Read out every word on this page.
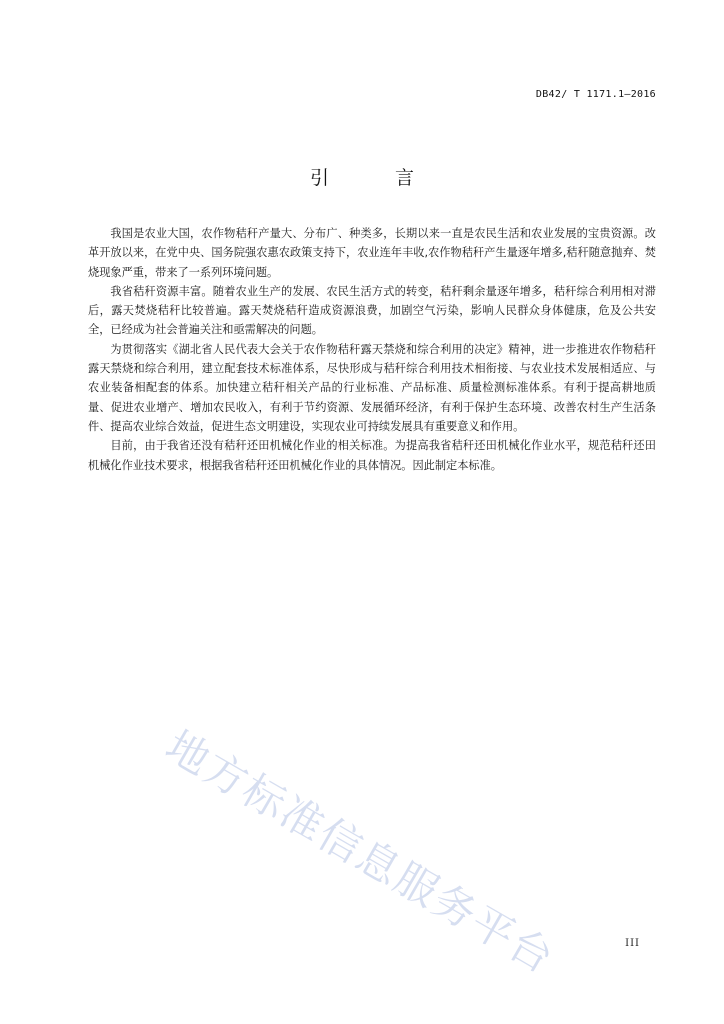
DB42/ T 1171.1—2016
引 言

我国是农业大国，农作物秸秆产量大、分布广、种类多，长期以来一直是农民生活和农业发展的宝贵资源。改革开放以来，在党中央、国务院强农惠农政策支持下，农业连年丰收,农作物秸秆产生量逐年增多,秸秆随意抛弃、焚烧现象严重，带来了一系列环境问题。

我省秸秆资源丰富。随着农业生产的发展、农民生活方式的转变，秸秆剩余量逐年增多，秸秆综合利用相对滞后，露天焚烧秸秆比较普遍。露天焚烧秸秆造成资源浪费，加剧空气污染，影响人民群众身体健康，危及公共安全，已经成为社会普遍关注和亟需解决的问题。

为贯彻落实《湖北省人民代表大会关于农作物秸秆露天禁烧和综合利用的决定》精神，进一步推进农作物秸秆露天禁烧和综合利用，建立配套技术标准体系，尽快形成与秸秆综合利用技术相衔接、与农业技术发展相适应、与农业装备相配套的体系。加快建立秸秆相关产品的行业标准、产品标准、质量检测标准体系。有利于提高耕地质量、促进农业增产、增加农民收入，有利于节约资源、发展循环经济，有利于保护生态环境、改善农村生产生活条件、提高农业综合效益，促进生态文明建设，实现农业可持续发展具有重要意义和作用。

目前，由于我省还没有秸秆还田机械化作业的相关标准。为提高我省秸秆还田机械化作业水平，规范秸秆还田机械化作业技术要求，根据我省秸秆还田机械化作业的具体情况。因此制定本标准。

地方标准信息服务平台	III
